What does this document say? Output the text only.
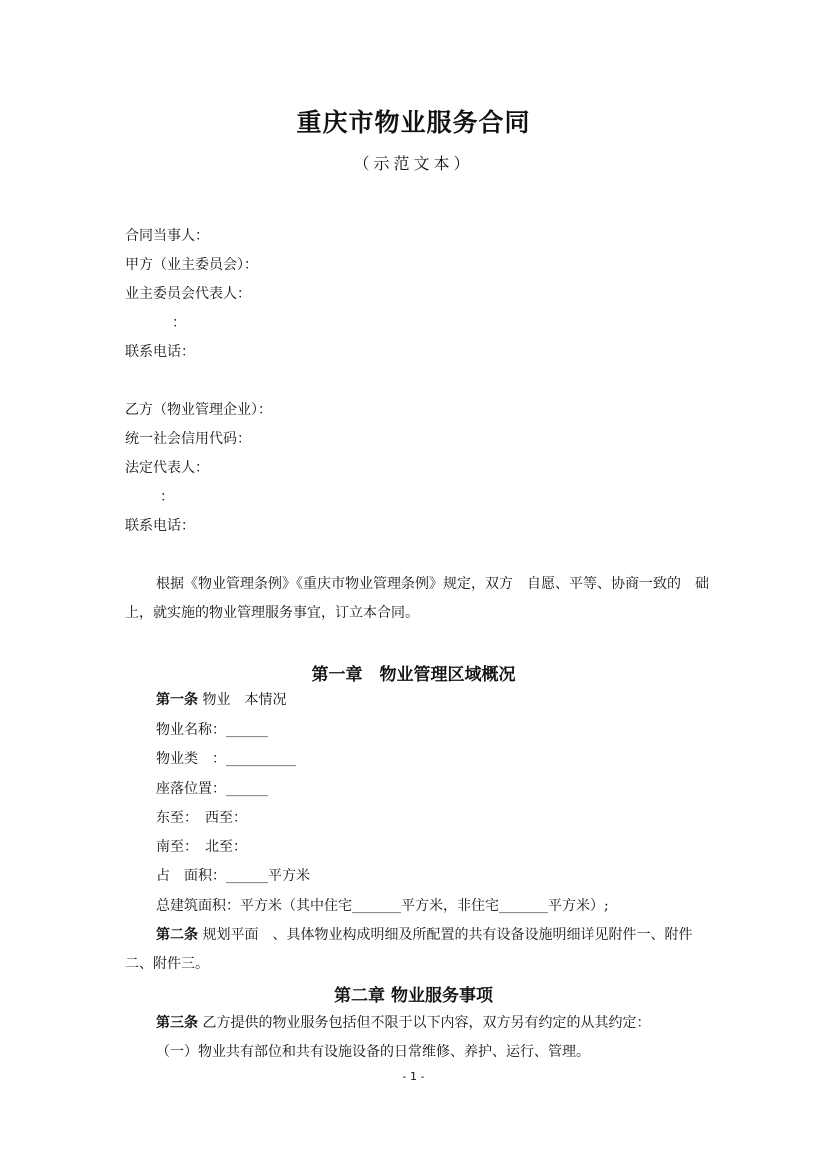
重庆市物业服务合同
（示范文本）
合同当事人：
甲方（业主委员会）：
业主委员会代表人：
：
联系电话：
乙方（物业管理企业）：
统一社会信用代码：
法定代表人：
：
联系电话：
根据《物业管理条例》《重庆市物业管理条例》规定，双方　自愿、平等、协商一致的　础上，就实施的物业管理服务事宜，订立本合同。
第一章　物业管理区域概况
第一条 物业　本情况
物业名称：______
物业类　：__________
座落位置：______
东至：　西至：
南至：　北至：
占　面积：______平方米
总建筑面积：平方米（其中住宅_______平方米，非住宅_______平方米）;
第二条 规划平面　、具体物业构成明细及所配置的共有设备设施明细详见附件一、附件二、附件三。
第二章 物业服务事项
第三条 乙方提供的物业服务包括但不限于以下内容，双方另有约定的从其约定：
（一）物业共有部位和共有设施设备的日常维修、养护、运行、管理。
- 1 -
